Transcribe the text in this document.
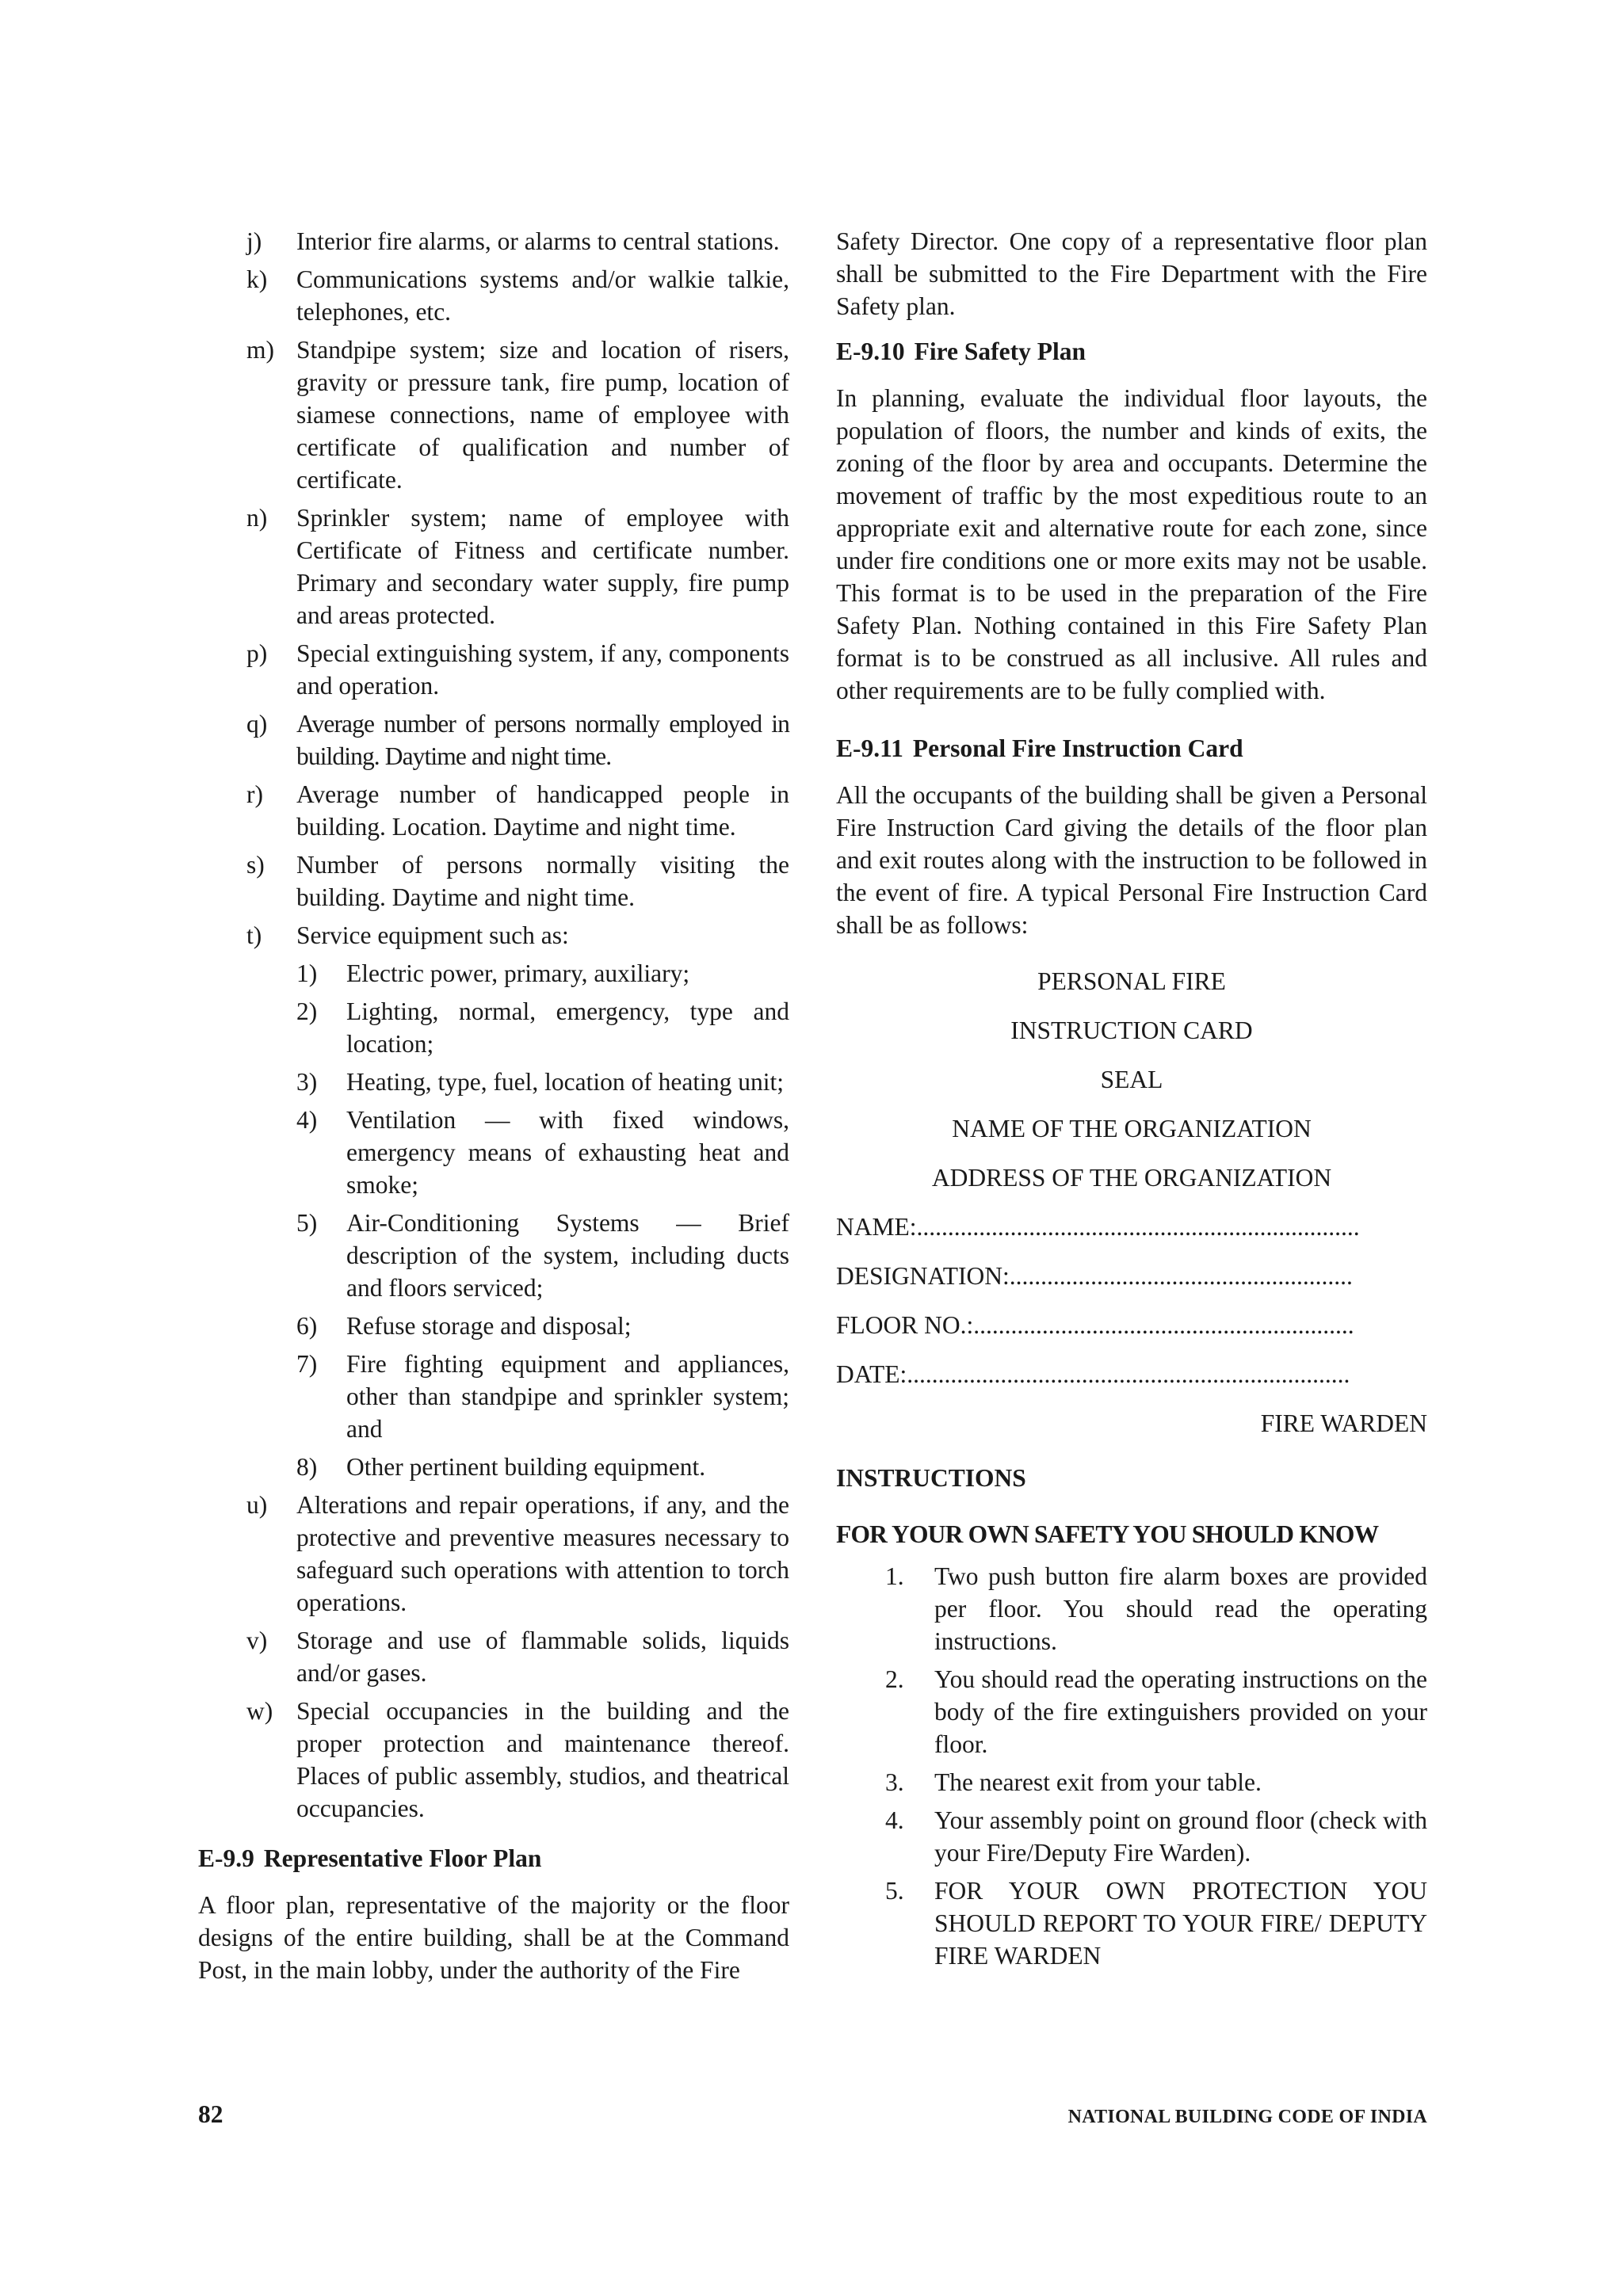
j) Interior fire alarms, or alarms to central stations.
k) Communications systems and/or walkie talkie, telephones, etc.
m) Standpipe system; size and location of risers, gravity or pressure tank, fire pump, location of siamese connections, name of employee with certificate of qualification and number of certificate.
n) Sprinkler system; name of employee with Certificate of Fitness and certificate number. Primary and secondary water supply, fire pump and areas protected.
p) Special extinguishing system, if any, components and operation.
q) Average number of persons normally employed in building. Daytime and night time.
r) Average number of handicapped people in building. Location. Daytime and night time.
s) Number of persons normally visiting the building. Daytime and night time.
t) Service equipment such as:
1) Electric power, primary, auxiliary;
2) Lighting, normal, emergency, type and location;
3) Heating, type, fuel, location of heating unit;
4) Ventilation — with fixed windows, emergency means of exhausting heat and smoke;
5) Air-Conditioning Systems — Brief description of the system, including ducts and floors serviced;
6) Refuse storage and disposal;
7) Fire fighting equipment and appliances, other than standpipe and sprinkler system; and
8) Other pertinent building equipment.
u) Alterations and repair operations, if any, and the protective and preventive measures necessary to safeguard such operations with attention to torch operations.
v) Storage and use of flammable solids, liquids and/or gases.
w) Special occupancies in the building and the proper protection and maintenance thereof. Places of public assembly, studios, and theatrical occupancies.
E-9.9 Representative Floor Plan

A floor plan, representative of the majority or the floor designs of the entire building, shall be at the Command Post, in the main lobby, under the authority of the Fire

Safety Director. One copy of a representative floor plan shall be submitted to the Fire Department with the Fire Safety plan.

E-9.10 Fire Safety Plan

In planning, evaluate the individual floor layouts, the population of floors, the number and kinds of exits, the zoning of the floor by area and occupants. Determine the movement of traffic by the most expeditious route to an appropriate exit and alternative route for each zone, since under fire conditions one or more exits may not be usable. This format is to be used in the preparation of the Fire Safety Plan. Nothing contained in this Fire Safety Plan format is to be construed as all inclusive. All rules and other requirements are to be fully complied with.

E-9.11 Personal Fire Instruction Card

All the occupants of the building shall be given a Personal Fire Instruction Card giving the details of the floor plan and exit routes along with the instruction to be followed in the event of fire. A typical Personal Fire Instruction Card shall be as follows:

PERSONAL FIRE
INSTRUCTION CARD
SEAL
NAME OF THE ORGANIZATION
ADDRESS OF THE ORGANIZATION
NAME: .......................................................................
DESIGNATION: .......................................................
FLOOR NO.: .............................................................
DATE: .......................................................................
FIRE WARDEN
INSTRUCTIONS
FOR YOUR OWN SAFETY YOU SHOULD KNOW
1. Two push button fire alarm boxes are provided per floor. You should read the operating instructions.
2. You should read the operating instructions on the body of the fire extinguishers provided on your floor.
3. The nearest exit from your table.
4. Your assembly point on ground floor (check with your Fire/Deputy Fire Warden).
5. FOR YOUR OWN PROTECTION YOU SHOULD REPORT TO YOUR FIRE/ DEPUTY FIRE WARDEN
82	NATIONAL BUILDING CODE OF INDIA
